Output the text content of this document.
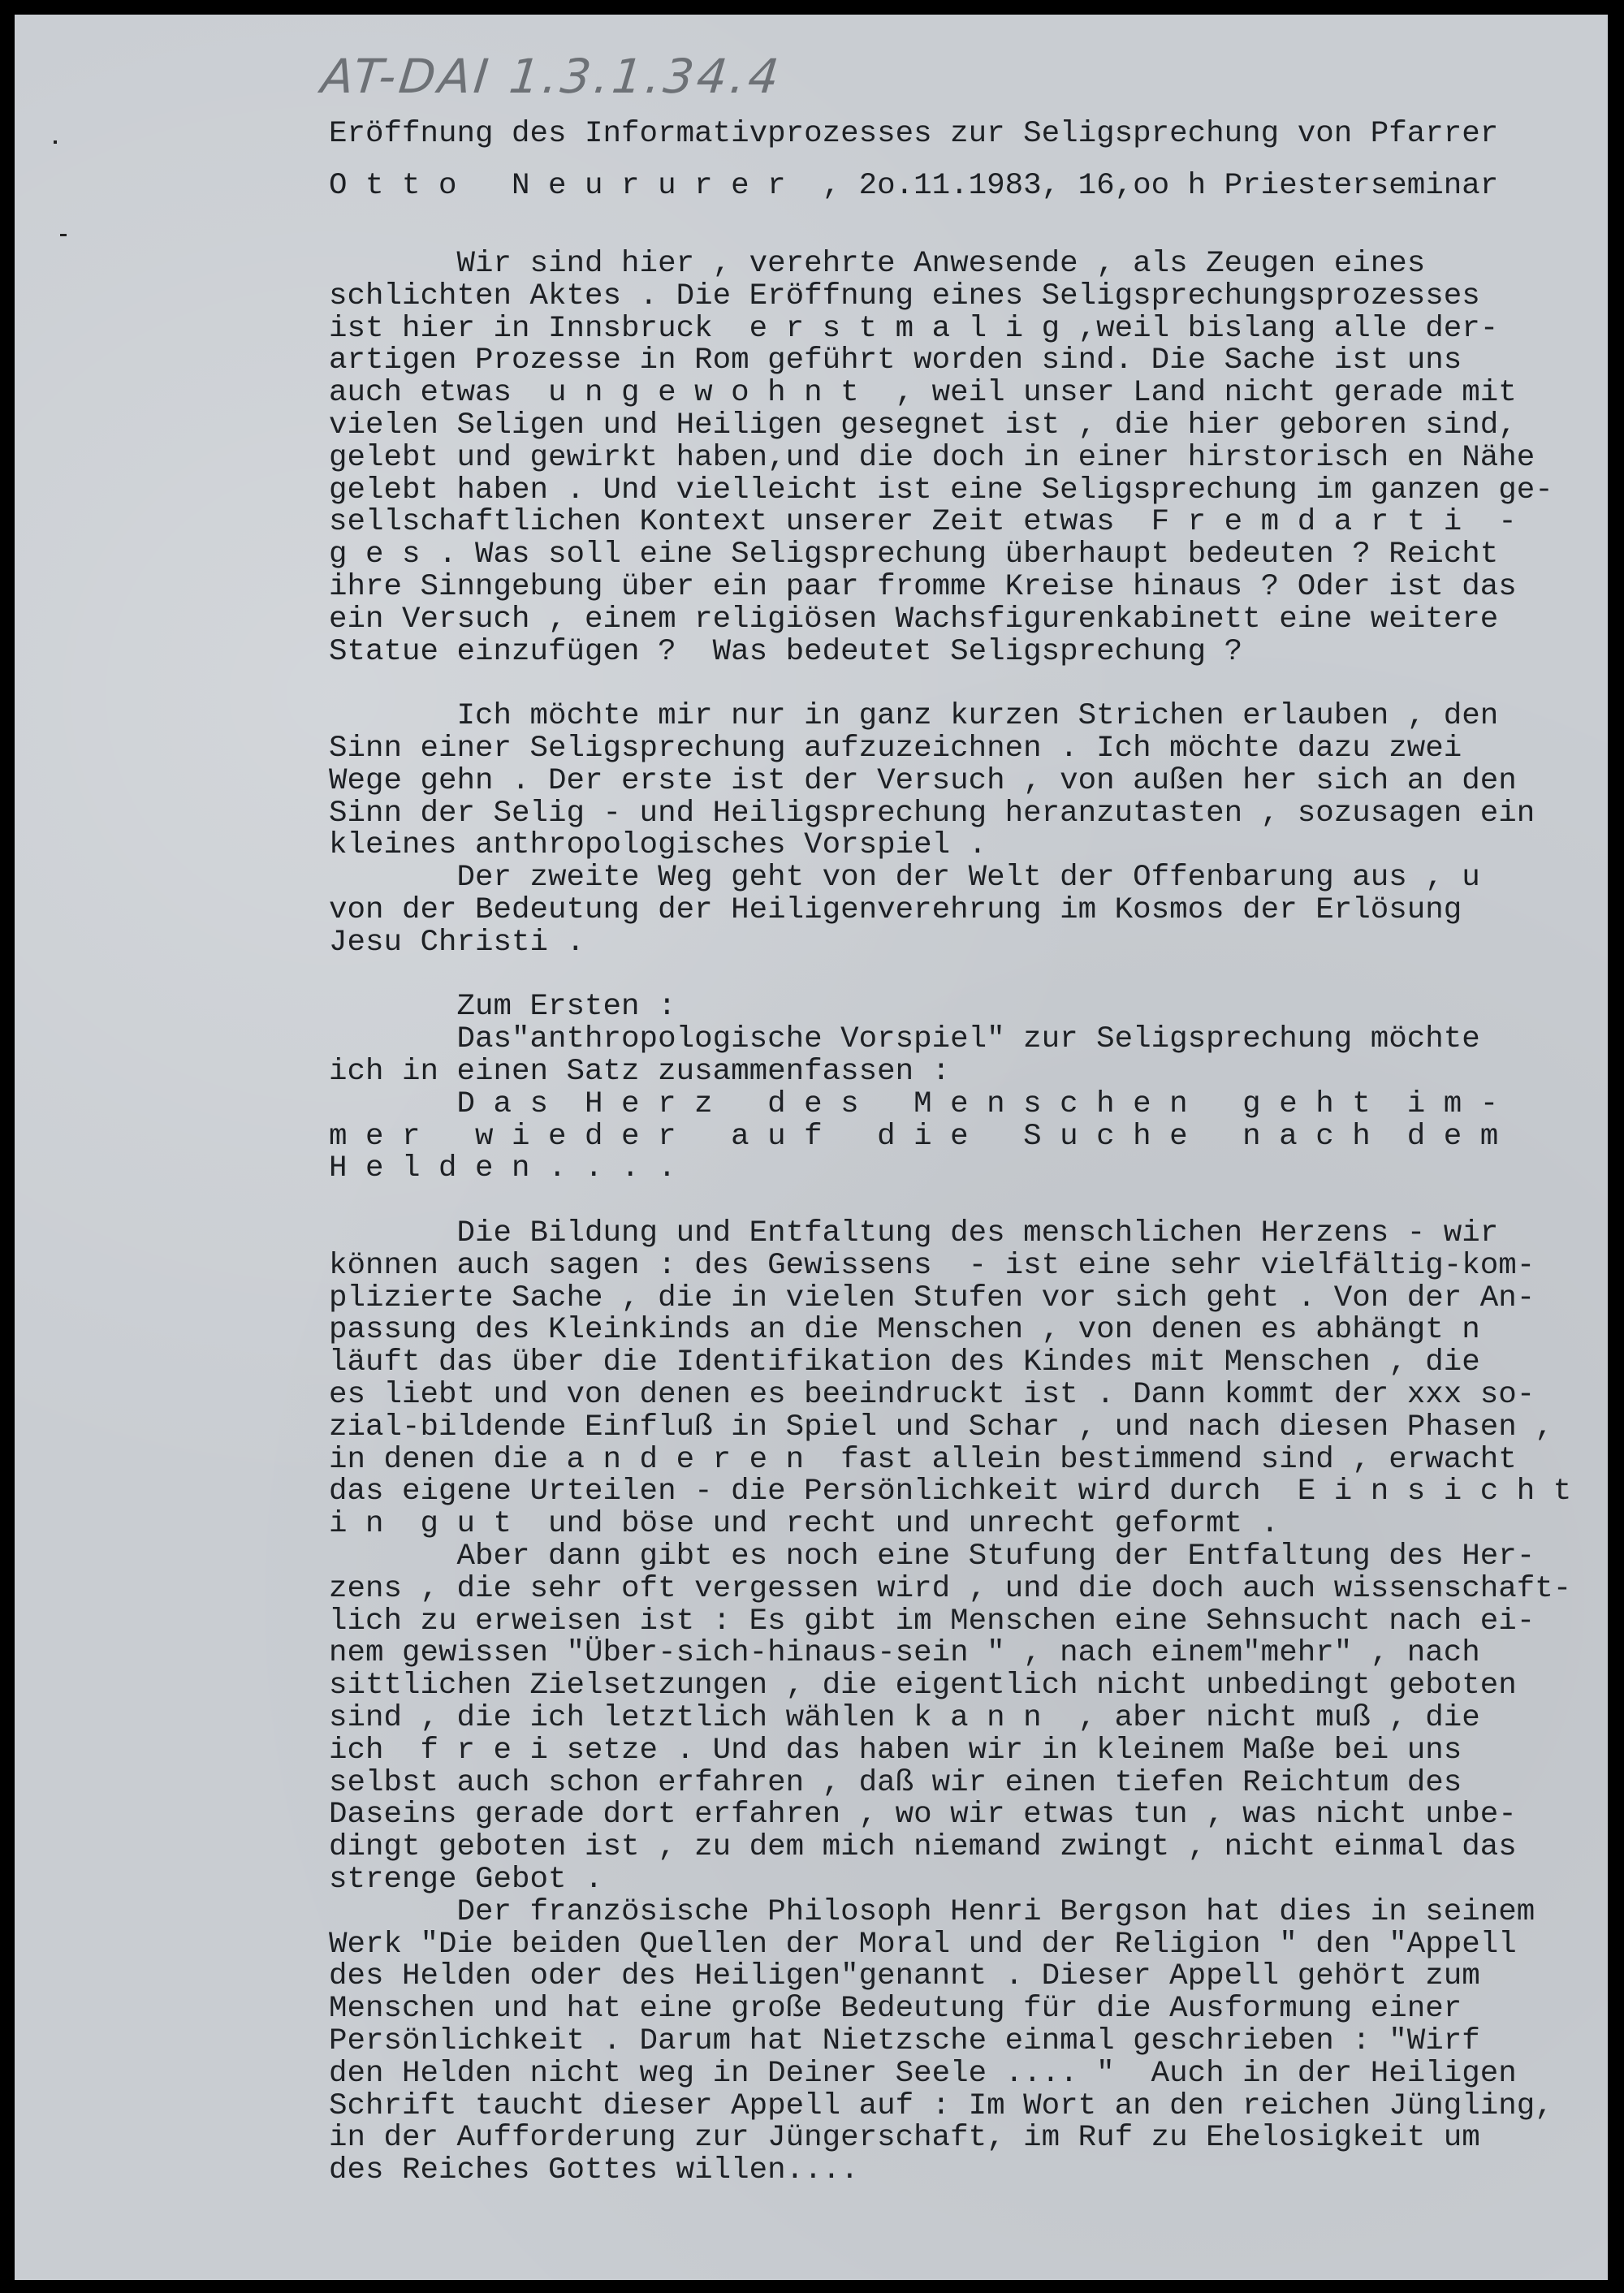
AT-DAI 1.3.1.34.4

Eröffnung des Informativprozesses zur Seligsprechung von Pfarrer

O t t o   N e u r u r e r  , 2o.11.1983, 16,oo h Priesterseminar

Wir sind hier , verehrte Anwesende , als Zeugen eines
schlichten Aktes . Die Eröffnung eines Seligsprechungsprozesses
ist hier in Innsbruck  e r s t m a l i g ,weil bislang alle der-
artigen Prozesse in Rom geführt worden sind. Die Sache ist uns
auch etwas  u n g e w o h n t  , weil unser Land nicht gerade mit
vielen Seligen und Heiligen gesegnet ist , die hier geboren sind,
gelebt und gewirkt haben,und die doch in einer hirstorisch en Nähe
gelebt haben . Und vielleicht ist eine Seligsprechung im ganzen ge-
sellschaftlichen Kontext unserer Zeit etwas  F r e m d a r t i  -
g e s . Was soll eine Seligsprechung überhaupt bedeuten ? Reicht
ihre Sinngebung über ein paar fromme Kreise hinaus ? Oder ist das
ein Versuch , einem religiösen Wachsfigurenkabinett eine weitere
Statue einzufügen ?  Was bedeutet Seligsprechung ?
Ich möchte mir nur in ganz kurzen Strichen erlauben , den
Sinn einer Seligsprechung aufzuzeichnen . Ich möchte dazu zwei
Wege gehn . Der erste ist der Versuch , von außen her sich an den
Sinn der Selig - und Heiligsprechung heranzutasten , sozusagen ein
kleines anthropologisches Vorspiel .
Der zweite Weg geht von der Welt der Offenbarung aus , u
von der Bedeutung der Heiligenverehrung im Kosmos der Erlösung
Jesu Christi .
Zum Ersten :
Das"anthropologische Vorspiel" zur Seligsprechung möchte
ich in einen Satz zusammenfassen :
D a s  H e r z   d e s   M e n s c h e n   g e h t  i m -
m e r   w i e d e r   a u f   d i e   S u c h e   n a c h  d e m
H e l d e n . . . .
Die Bildung und Entfaltung des menschlichen Herzens - wir
können auch sagen : des Gewissens  - ist eine sehr vielfältig-kom-
plizierte Sache , die in vielen Stufen vor sich geht . Von der An-
passung des Kleinkinds an die Menschen , von denen es abhängt n
läuft das über die Identifikation des Kindes mit Menschen , die
es liebt und von denen es beeindruckt ist . Dann kommt der xxx so-
zial-bildende Einfluß in Spiel und Schar , und nach diesen Phasen ,
in denen die a n d e r e n  fast allein bestimmend sind , erwacht
das eigene Urteilen - die Persönlichkeit wird durch  E i n s i c h t
i n  g u t  und böse und recht und unrecht geformt .
Aber dann gibt es noch eine Stufung der Entfaltung des Her-
zens , die sehr oft vergessen wird , und die doch auch wissenschaft-
lich zu erweisen ist : Es gibt im Menschen eine Sehnsucht nach ei-
nem gewissen "Über-sich-hinaus-sein " , nach einem"mehr" , nach
sittlichen Zielsetzungen , die eigentlich nicht unbedingt geboten
sind , die ich letztlich wählen k a n n  , aber nicht muß , die
ich  f r e i setze . Und das haben wir in kleinem Maße bei uns
selbst auch schon erfahren , daß wir einen tiefen Reichtum des
Daseins gerade dort erfahren , wo wir etwas tun , was nicht unbe-
dingt geboten ist , zu dem mich niemand zwingt , nicht einmal das
strenge Gebot .
Der französische Philosoph Henri Bergson hat dies in seinem
Werk "Die beiden Quellen der Moral und der Religion " den "Appell
des Helden oder des Heiligen"genannt . Dieser Appell gehört zum
Menschen und hat eine große Bedeutung für die Ausformung einer
Persönlichkeit . Darum hat Nietzsche einmal geschrieben : "Wirf
den Helden nicht weg in Deiner Seele .... "  Auch in der Heiligen
Schrift taucht dieser Appell auf : Im Wort an den reichen Jüngling,
in der Aufforderung zur Jüngerschaft, im Ruf zu Ehelosigkeit um
des Reiches Gottes willen....
